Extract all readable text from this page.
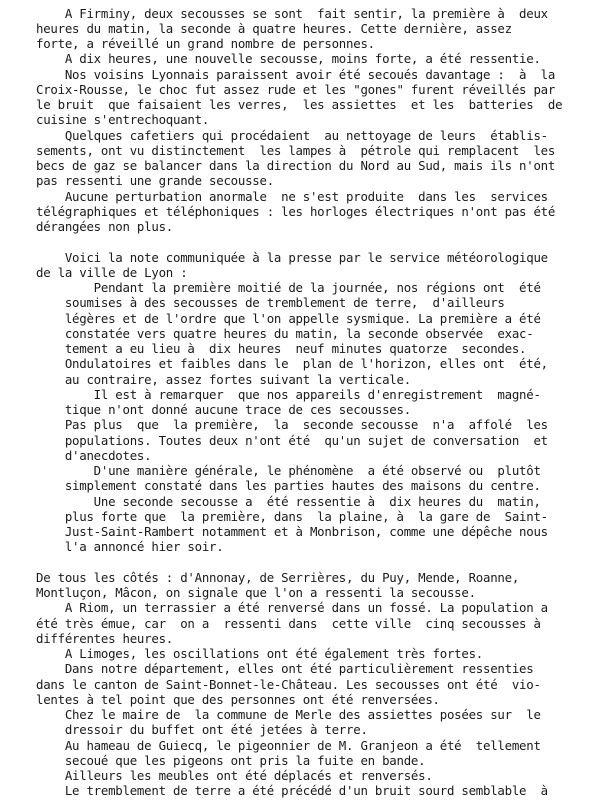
A Firminy, deux secousses se sont  fait sentir, la première à  deux
heures du matin, la seconde à quatre heures. Cette dernière, assez
forte, a réveillé un grand nombre de personnes.
A dix heures, une nouvelle secousse, moins forte, a été ressentie.
Nos voisins Lyonnais paraissent avoir été secoués davantage :  à  la
Croix-Rousse, le choc fut assez rude et les "gones" furent réveillés par
le bruit  que faisaient les verres,  les assiettes  et les  batteries  de
cuisine s'entrechoquant.
Quelques cafetiers qui procédaient  au nettoyage de leurs  établis-
sements, ont vu distinctement  les lampes à  pétrole qui remplacent  les
becs de gaz se balancer dans la direction du Nord au Sud, mais ils n'ont
pas ressenti une grande secousse.
Aucune perturbation anormale  ne s'est produite  dans les  services
télégraphiques et téléphoniques : les horloges électriques n'ont pas été
dérangées non plus.
Voici la note communiquée à la presse par le service météorologique
de la ville de Lyon :
Pendant la première moitié de la journée, nos régions ont  été
soumises à des secousses de tremblement de terre,  d'ailleurs
légères et de l'ordre que l'on appelle sysmique. La première a été
constatée vers quatre heures du matin, la seconde observée  exac-
tement a eu lieu à  dix heures  neuf minutes quatorze  secondes.
Ondulatoires et faibles dans le  plan de l'horizon, elles ont  été,
au contraire, assez fortes suivant la verticale.
Il est à remarquer  que nos appareils d'enregistrement  magné-
tique n'ont donné aucune trace de ces secousses.
Pas plus  que  la première,  la  seconde secousse  n'a  affolé  les
populations. Toutes deux n'ont été  qu'un sujet de conversation  et
d'anecdotes.
D'une manière générale, le phénomène  a été observé ou  plutôt
simplement constaté dans les parties hautes des maisons du centre.
Une seconde secousse a  été ressentie à  dix heures du  matin,
plus forte que  la première, dans  la plaine, à  la gare de  Saint-
Just-Saint-Rambert notamment et à Monbrison, comme une dépêche nous
l'a annoncé hier soir.
De tous les côtés : d'Annonay, de Serrières, du Puy, Mende, Roanne,
Montluçon, Mâcon, on signale que l'on a ressenti la secousse.
A Riom, un terrassier a été renversé dans un fossé. La population a
été très émue, car  on a  ressenti dans  cette ville  cinq secousses à
différentes heures.
A Limoges, les oscillations ont été également très fortes.
Dans notre département, elles ont été particulièrement ressenties
dans le canton de Saint-Bonnet-le-Château. Les secousses ont été  vio-
lentes à tel point que des personnes ont été renversées.
Chez le maire de  la commune de Merle des assiettes posées sur  le
dressoir du buffet ont été jetées à terre.
Au hameau de Guiecq, le pigeonnier de M. Granjeon a été  tellement
secoué que les pigeons ont pris la fuite en bande.
Ailleurs les meubles ont été déplacés et renversés.
Le tremblement de terre a été précédé d'un bruit sourd semblable  à
